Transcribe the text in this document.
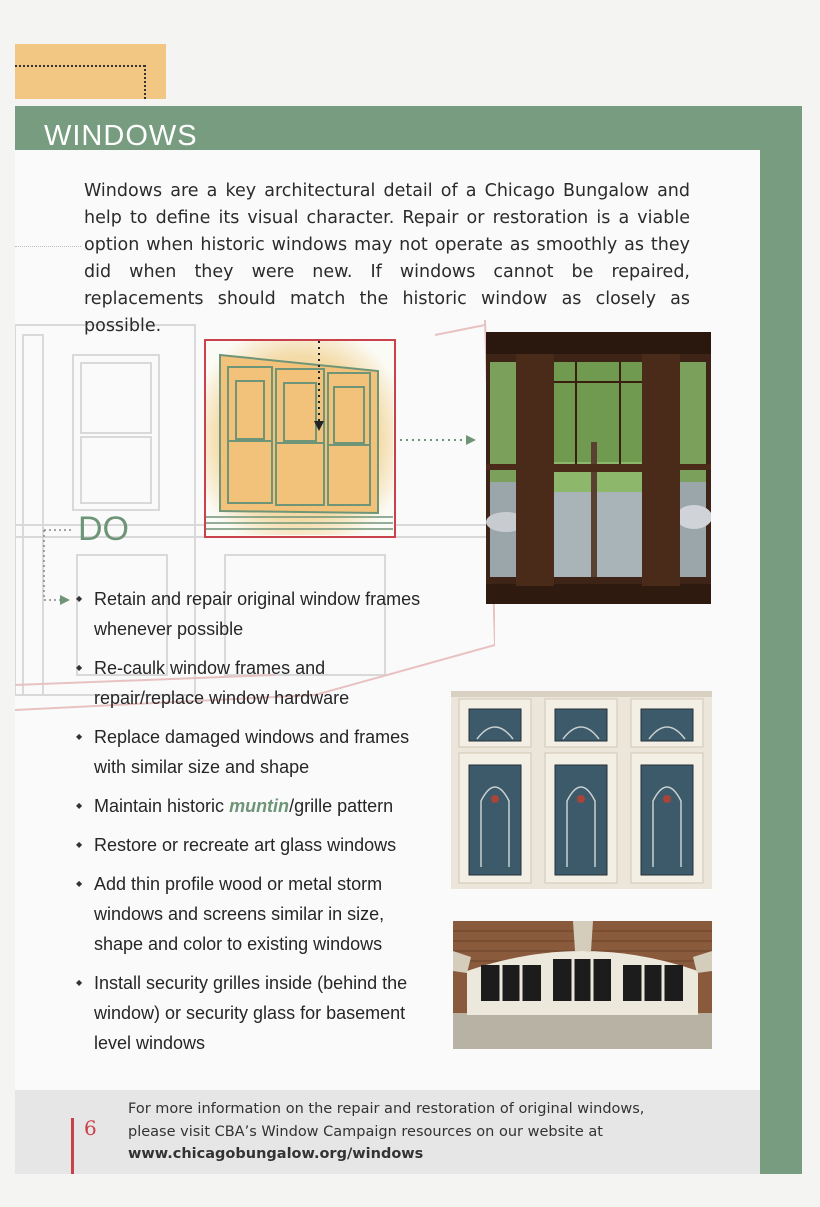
WINDOWS
Windows are a key architectural detail of a Chicago Bungalow and help to define its visual character. Repair or restoration is a viable option when historic windows may not operate as smoothly as they did when they were new. If windows cannot be repaired, replacements should match the historic window as closely as possible.
DO
◆ Retain and repair original window frames whenever possible
◆ Re-caulk window frames and repair/replace window hardware
◆ Replace damaged windows and frames with similar size and shape
◆ Maintain historic muntin/grille pattern
◆ Restore or recreate art glass windows
◆ Add thin profile wood or metal storm windows and screens similar in size, shape and color to existing windows
◆ Install security grilles inside (behind the window) or security glass for basement level windows
6
For more information on the repair and restoration of original windows, please visit CBA’s Window Campaign resources on our website at
www.chicagobungalow.org/windows
